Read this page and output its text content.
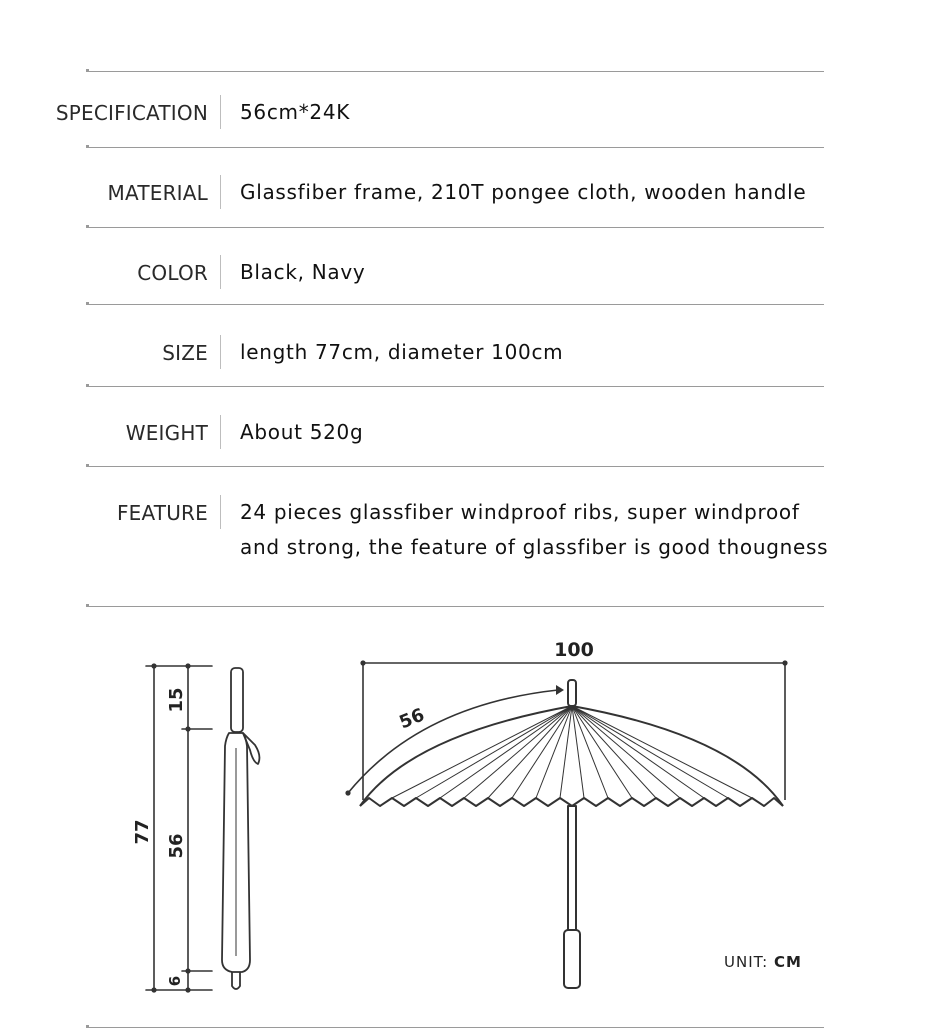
SPECIFICATION 56cm*24K
MATERIAL Glassfiber frame, 210T pongee cloth, wooden handle
COLOR Black, Navy
SIZE length 77cm, diameter 100cm
WEIGHT About 520g
FEATURE 24 pieces glassfiber windproof ribs, super windproof
and strong, the feature of glassfiber is good thougness
77
15
56
6
100
56
UNIT: CM
